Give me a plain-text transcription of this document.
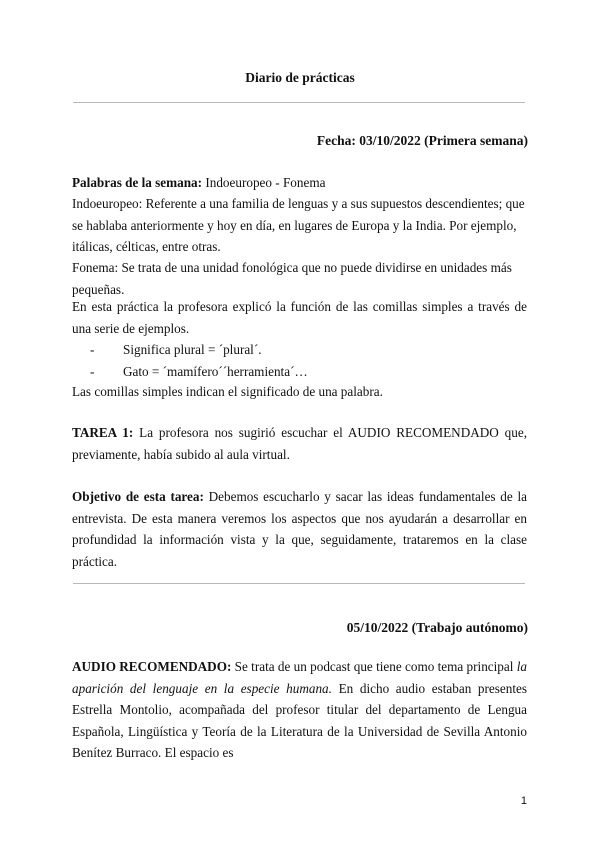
Diario de prácticas
Fecha: 03/10/2022 (Primera semana)
Palabras de la semana: Indoeuropeo - Fonema
Indoeuropeo: Referente a una familia de lenguas y a sus supuestos descendientes; que se hablaba anteriormente y hoy en día, en lugares de Europa y la India. Por ejemplo, itálicas, célticas, entre otras.
Fonema: Se trata de una unidad fonológica que no puede dividirse en unidades más pequeñas.
En esta práctica la profesora explicó la función de las comillas simples a través de una serie de ejemplos.
- Significa plural = ´plural´.
- Gato = ´mamífero´´herramienta´…
Las comillas simples indican el significado de una palabra.
TAREA 1: La profesora nos sugirió escuchar el AUDIO RECOMENDADO que, previamente, había subido al aula virtual.
Objetivo de esta tarea: Debemos escucharlo y sacar las ideas fundamentales de la entrevista. De esta manera veremos los aspectos que nos ayudarán a desarrollar en profundidad la información vista y la que, seguidamente, trataremos en la clase práctica.
05/10/2022 (Trabajo autónomo)
AUDIO RECOMENDADO: Se trata de un podcast que tiene como tema principal la aparición del lenguaje en la especie humana. En dicho audio estaban presentes Estrella Montolio, acompañada del profesor titular del departamento de Lengua Española, Lingüística y Teoría de la Literatura de la Universidad de Sevilla Antonio Benítez Burraco. El espacio es
1
